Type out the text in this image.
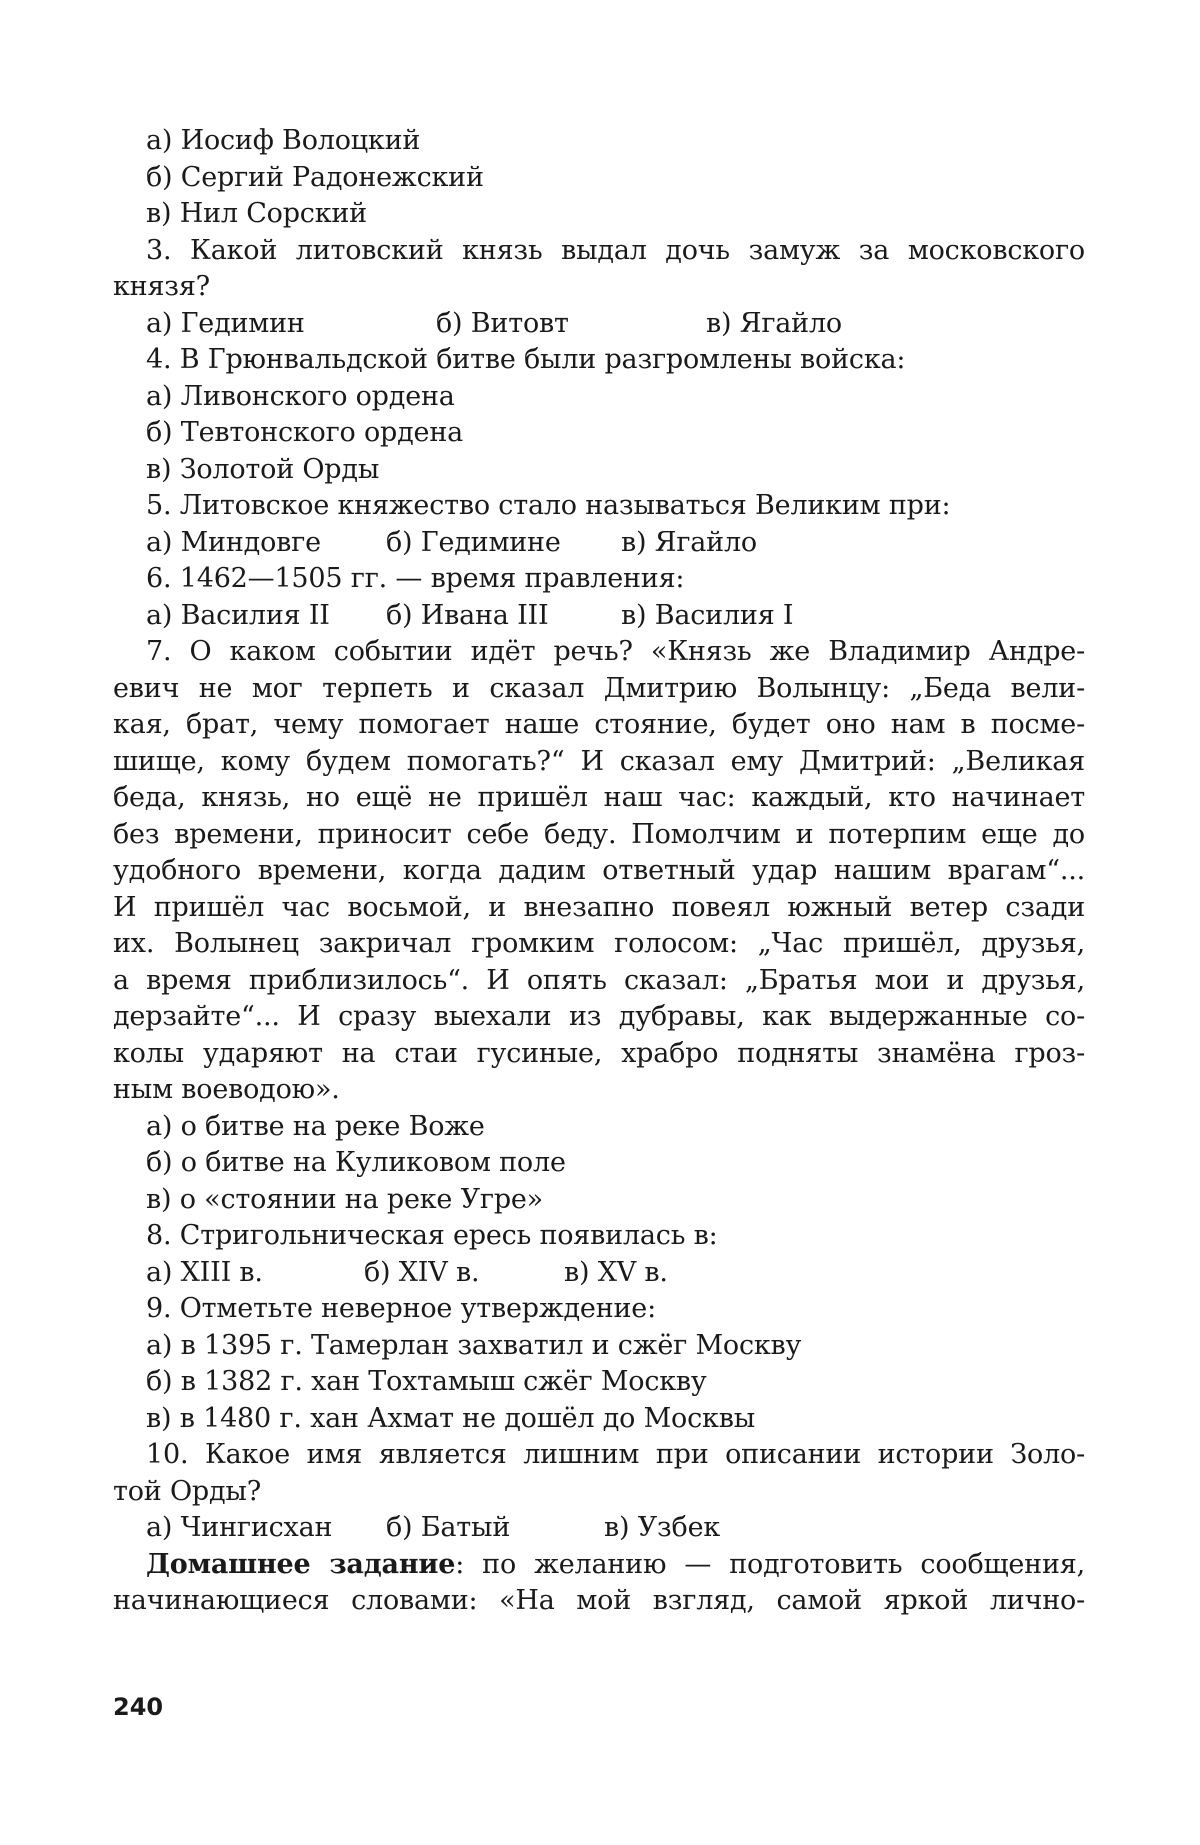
а) Иосиф Волоцкий
б) Сергий Радонежский
в) Нил Сорский
3. Какой литовский князь выдал дочь замуж за московского
князя?
а) Гедимин	б) Витовт	в) Ягайло
4. В Грюнвальдской битве были разгромлены войска:
а) Ливонского ордена
б) Тевтонского ордена
в) Золотой Орды
5. Литовское княжество стало называться Великим при:
а) Миндовге	б) Гедимине	в) Ягайло
6. 1462—1505 гг. — время правления:
а) Василия II	б) Ивана III	в) Василия I
7. О каком событии идёт речь? «Князь же Владимир Андре-
евич не мог терпеть и сказал Дмитрию Волынцу: „Беда вели-
кая, брат, чему помогает наше стояние, будет оно нам в посме-
шище, кому будем помогать?“ И сказал ему Дмитрий: „Великая
беда, князь, но ещё не пришёл наш час: каждый, кто начинает
без времени, приносит себе беду. Помолчим и потерпим еще до
удобного времени, когда дадим ответный удар нашим врагам“...
И пришёл час восьмой, и внезапно повеял южный ветер сзади
их. Волынец закричал громким голосом: „Час пришёл, друзья,
а время приблизилось“. И опять сказал: „Братья мои и друзья,
дерзайте“... И сразу выехали из дубравы, как выдержанные со-
колы ударяют на стаи гусиные, храбро подняты знамёна гроз-
ным воеводою».
а) о битве на реке Воже
б) о битве на Куликовом поле
в) о «стоянии на реке Угре»
8. Стригольническая ересь появилась в:
а) XIII в.	б) XIV в.	в) XV в.
9. Отметьте неверное утверждение:
а) в 1395 г. Тамерлан захватил и сжёг Москву
б) в 1382 г. хан Тохтамыш сжёг Москву
в) в 1480 г. хан Ахмат не дошёл до Москвы
10. Какое имя является лишним при описании истории Золо-
той Орды?
а) Чингисхан	б) Батый	в) Узбек
Домашнее задание: по желанию — подготовить сообщения,
начинающиеся словами: «На мой взгляд, самой яркой лично-
240
